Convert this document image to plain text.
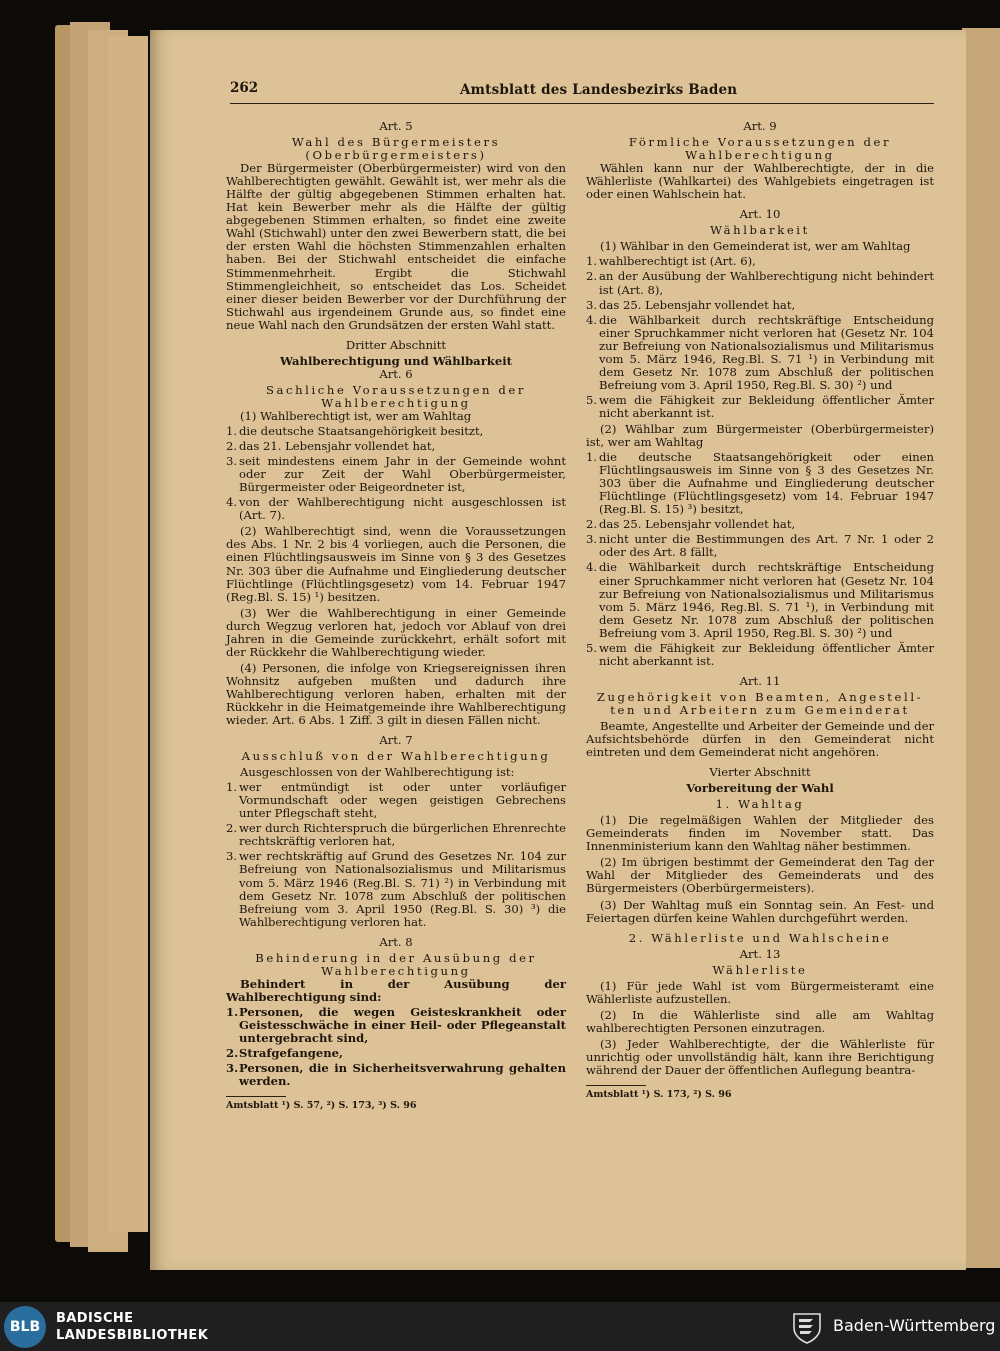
262	Amtsblatt des Landesbezirks Baden
Art. 5
Wahl des Bürgermeisters
(Oberbürgermeisters)

Der Bürgermeister (Oberbürgermeister) wird von den Wahlberechtigten gewählt. Gewählt ist, wer mehr als die Hälfte der gültig abgegebenen Stimmen erhalten hat. Hat kein Bewerber mehr als die Hälfte der gültig abgegebenen Stimmen erhalten, so findet eine zweite Wahl (Stichwahl) unter den zwei Bewerbern statt, die bei der ersten Wahl die höchsten Stimmenzahlen erhalten haben. Bei der Stichwahl entscheidet die einfache Stimmenmehrheit. Ergibt die Stichwahl Stimmengleichheit, so entscheidet das Los. Scheidet einer dieser beiden Bewerber vor der Durchführung der Stichwahl aus irgendeinem Grunde aus, so findet eine neue Wahl nach den Grundsätzen der ersten Wahl statt.

Dritter Abschnitt
Wahlberechtigung und Wählbarkeit
Art. 6
Sachliche Voraussetzungen der
Wahlberechtigung

(1) Wahlberechtigt ist, wer am Wahltag

1. die deutsche Staatsangehörigkeit besitzt,
2. das 21. Lebensjahr vollendet hat,
3. seit mindestens einem Jahr in der Gemeinde wohnt oder zur Zeit der Wahl Oberbürgermeister, Bürgermeister oder Beigeordneter ist,
4. von der Wahlberechtigung nicht ausgeschlossen ist (Art. 7).

(2) Wahlberechtigt sind, wenn die Voraussetzungen des Abs. 1 Nr. 2 bis 4 vorliegen, auch die Personen, die einen Flüchtlingsausweis im Sinne von § 3 des Gesetzes Nr. 303 über die Aufnahme und Eingliederung deutscher Flüchtlinge (Flüchtlingsgesetz) vom 14. Februar 1947 (Reg.Bl. S. 15) ¹) besitzen.

(3) Wer die Wahlberechtigung in einer Gemeinde durch Wegzug verloren hat, jedoch vor Ablauf von drei Jahren in die Gemeinde zurückkehrt, erhält sofort mit der Rückkehr die Wahlberechtigung wieder.

(4) Personen, die infolge von Kriegsereignissen ihren Wohnsitz aufgeben mußten und dadurch ihre Wahlberechtigung verloren haben, erhalten mit der Rückkehr in die Heimatgemeinde ihre Wahlberechtigung wieder. Art. 6 Abs. 1 Ziff. 3 gilt in diesen Fällen nicht.

Art. 7
Ausschluß von der Wahlberechtigung

Ausgeschlossen von der Wahlberechtigung ist:

1. wer entmündigt ist oder unter vorläufiger Vormundschaft oder wegen geistigen Gebrechens unter Pflegschaft steht,
2. wer durch Richterspruch die bürgerlichen Ehrenrechte rechtskräftig verloren hat,
3. wer rechtskräftig auf Grund des Gesetzes Nr. 104 zur Befreiung von Nationalsozialismus und Militarismus vom 5. März 1946 (Reg.Bl. S. 71) ²) in Verbindung mit dem Gesetz Nr. 1078 zum Abschluß der politischen Befreiung vom 3. April 1950 (Reg.Bl. S. 30) ³) die Wahlberechtigung verloren hat.
Art. 8
Behinderung in der Ausübung der
Wahlberechtigung

Behindert in der Ausübung der Wahlberechtigung sind:

1. Personen, die wegen Geisteskrankheit oder Geistesschwäche in einer Heil- oder Pflegeanstalt untergebracht sind,
2. Strafgefangene,
3. Personen, die in Sicherheitsverwahrung gehalten werden.
Amtsblatt ¹) S. 57, ²) S. 173, ³) S. 96
Art. 9
Förmliche Voraussetzungen der
Wahlberechtigung

Wählen kann nur der Wahlberechtigte, der in die Wählerliste (Wahlkartei) des Wahlgebiets eingetragen ist oder einen Wahlschein hat.

Art. 10
Wählbarkeit

(1) Wählbar in den Gemeinderat ist, wer am Wahltag

1. wahlberechtigt ist (Art. 6),
2. an der Ausübung der Wahlberechtigung nicht behindert ist (Art. 8),
3. das 25. Lebensjahr vollendet hat,
4. die Wählbarkeit durch rechtskräftige Entscheidung einer Spruchkammer nicht verloren hat (Gesetz Nr. 104 zur Befreiung von Nationalsozialismus und Militarismus vom 5. März 1946, Reg.Bl. S. 71 ¹) in Verbindung mit dem Gesetz Nr. 1078 zum Abschluß der politischen Befreiung vom 3. April 1950, Reg.Bl. S. 30) ²) und
5. wem die Fähigkeit zur Bekleidung öffentlicher Ämter nicht aberkannt ist.

(2) Wählbar zum Bürgermeister (Oberbürgermeister) ist, wer am Wahltag

1. die deutsche Staatsangehörigkeit oder einen Flüchtlingsausweis im Sinne von § 3 des Gesetzes Nr. 303 über die Aufnahme und Eingliederung deutscher Flüchtlinge (Flüchtlingsgesetz) vom 14. Februar 1947 (Reg.Bl. S. 15) ³) besitzt,
2. das 25. Lebensjahr vollendet hat,
3. nicht unter die Bestimmungen des Art. 7 Nr. 1 oder 2 oder des Art. 8 fällt,
4. die Wählbarkeit durch rechtskräftige Entscheidung einer Spruchkammer nicht verloren hat (Gesetz Nr. 104 zur Befreiung von Nationalsozialismus und Militarismus vom 5. März 1946, Reg.Bl. S. 71 ¹), in Verbindung mit dem Gesetz Nr. 1078 zum Abschluß der politischen Befreiung vom 3. April 1950, Reg.Bl. S. 30) ²) und
5. wem die Fähigkeit zur Bekleidung öffentlicher Ämter nicht aberkannt ist.
Art. 11
Zugehörigkeit von Beamten, Angestell-
ten und Arbeitern zum Gemeinderat

Beamte, Angestellte und Arbeiter der Gemeinde und der Aufsichtsbehörde dürfen in den Gemeinderat nicht eintreten und dem Gemeinderat nicht angehören.

Vierter Abschnitt
Vorbereitung der Wahl
1. Wahltag

(1) Die regelmäßigen Wahlen der Mitglieder des Gemeinderats finden im November statt. Das Innenministerium kann den Wahltag näher bestimmen.

(2) Im übrigen bestimmt der Gemeinderat den Tag der Wahl der Mitglieder des Gemeinderats und des Bürgermeisters (Oberbürgermeisters).

(3) Der Wahltag muß ein Sonntag sein. An Fest- und Feiertagen dürfen keine Wahlen durchgeführt werden.

2. Wählerliste und Wahlscheine
Art. 13
Wählerliste

(1) Für jede Wahl ist vom Bürgermeisteramt eine Wählerliste aufzustellen.

(2) In die Wählerliste sind alle am Wahltag wahlberechtigten Personen einzutragen.

(3) Jeder Wahlberechtigte, der die Wählerliste für unrichtig oder unvollständig hält, kann ihre Berichtigung während der Dauer der öffentlichen Auflegung beantra-

Amtsblatt ¹) S. 173, ²) S. 96
BLB
BADISCHE
LANDESBIBLIOTHEK
Baden-Württemberg
